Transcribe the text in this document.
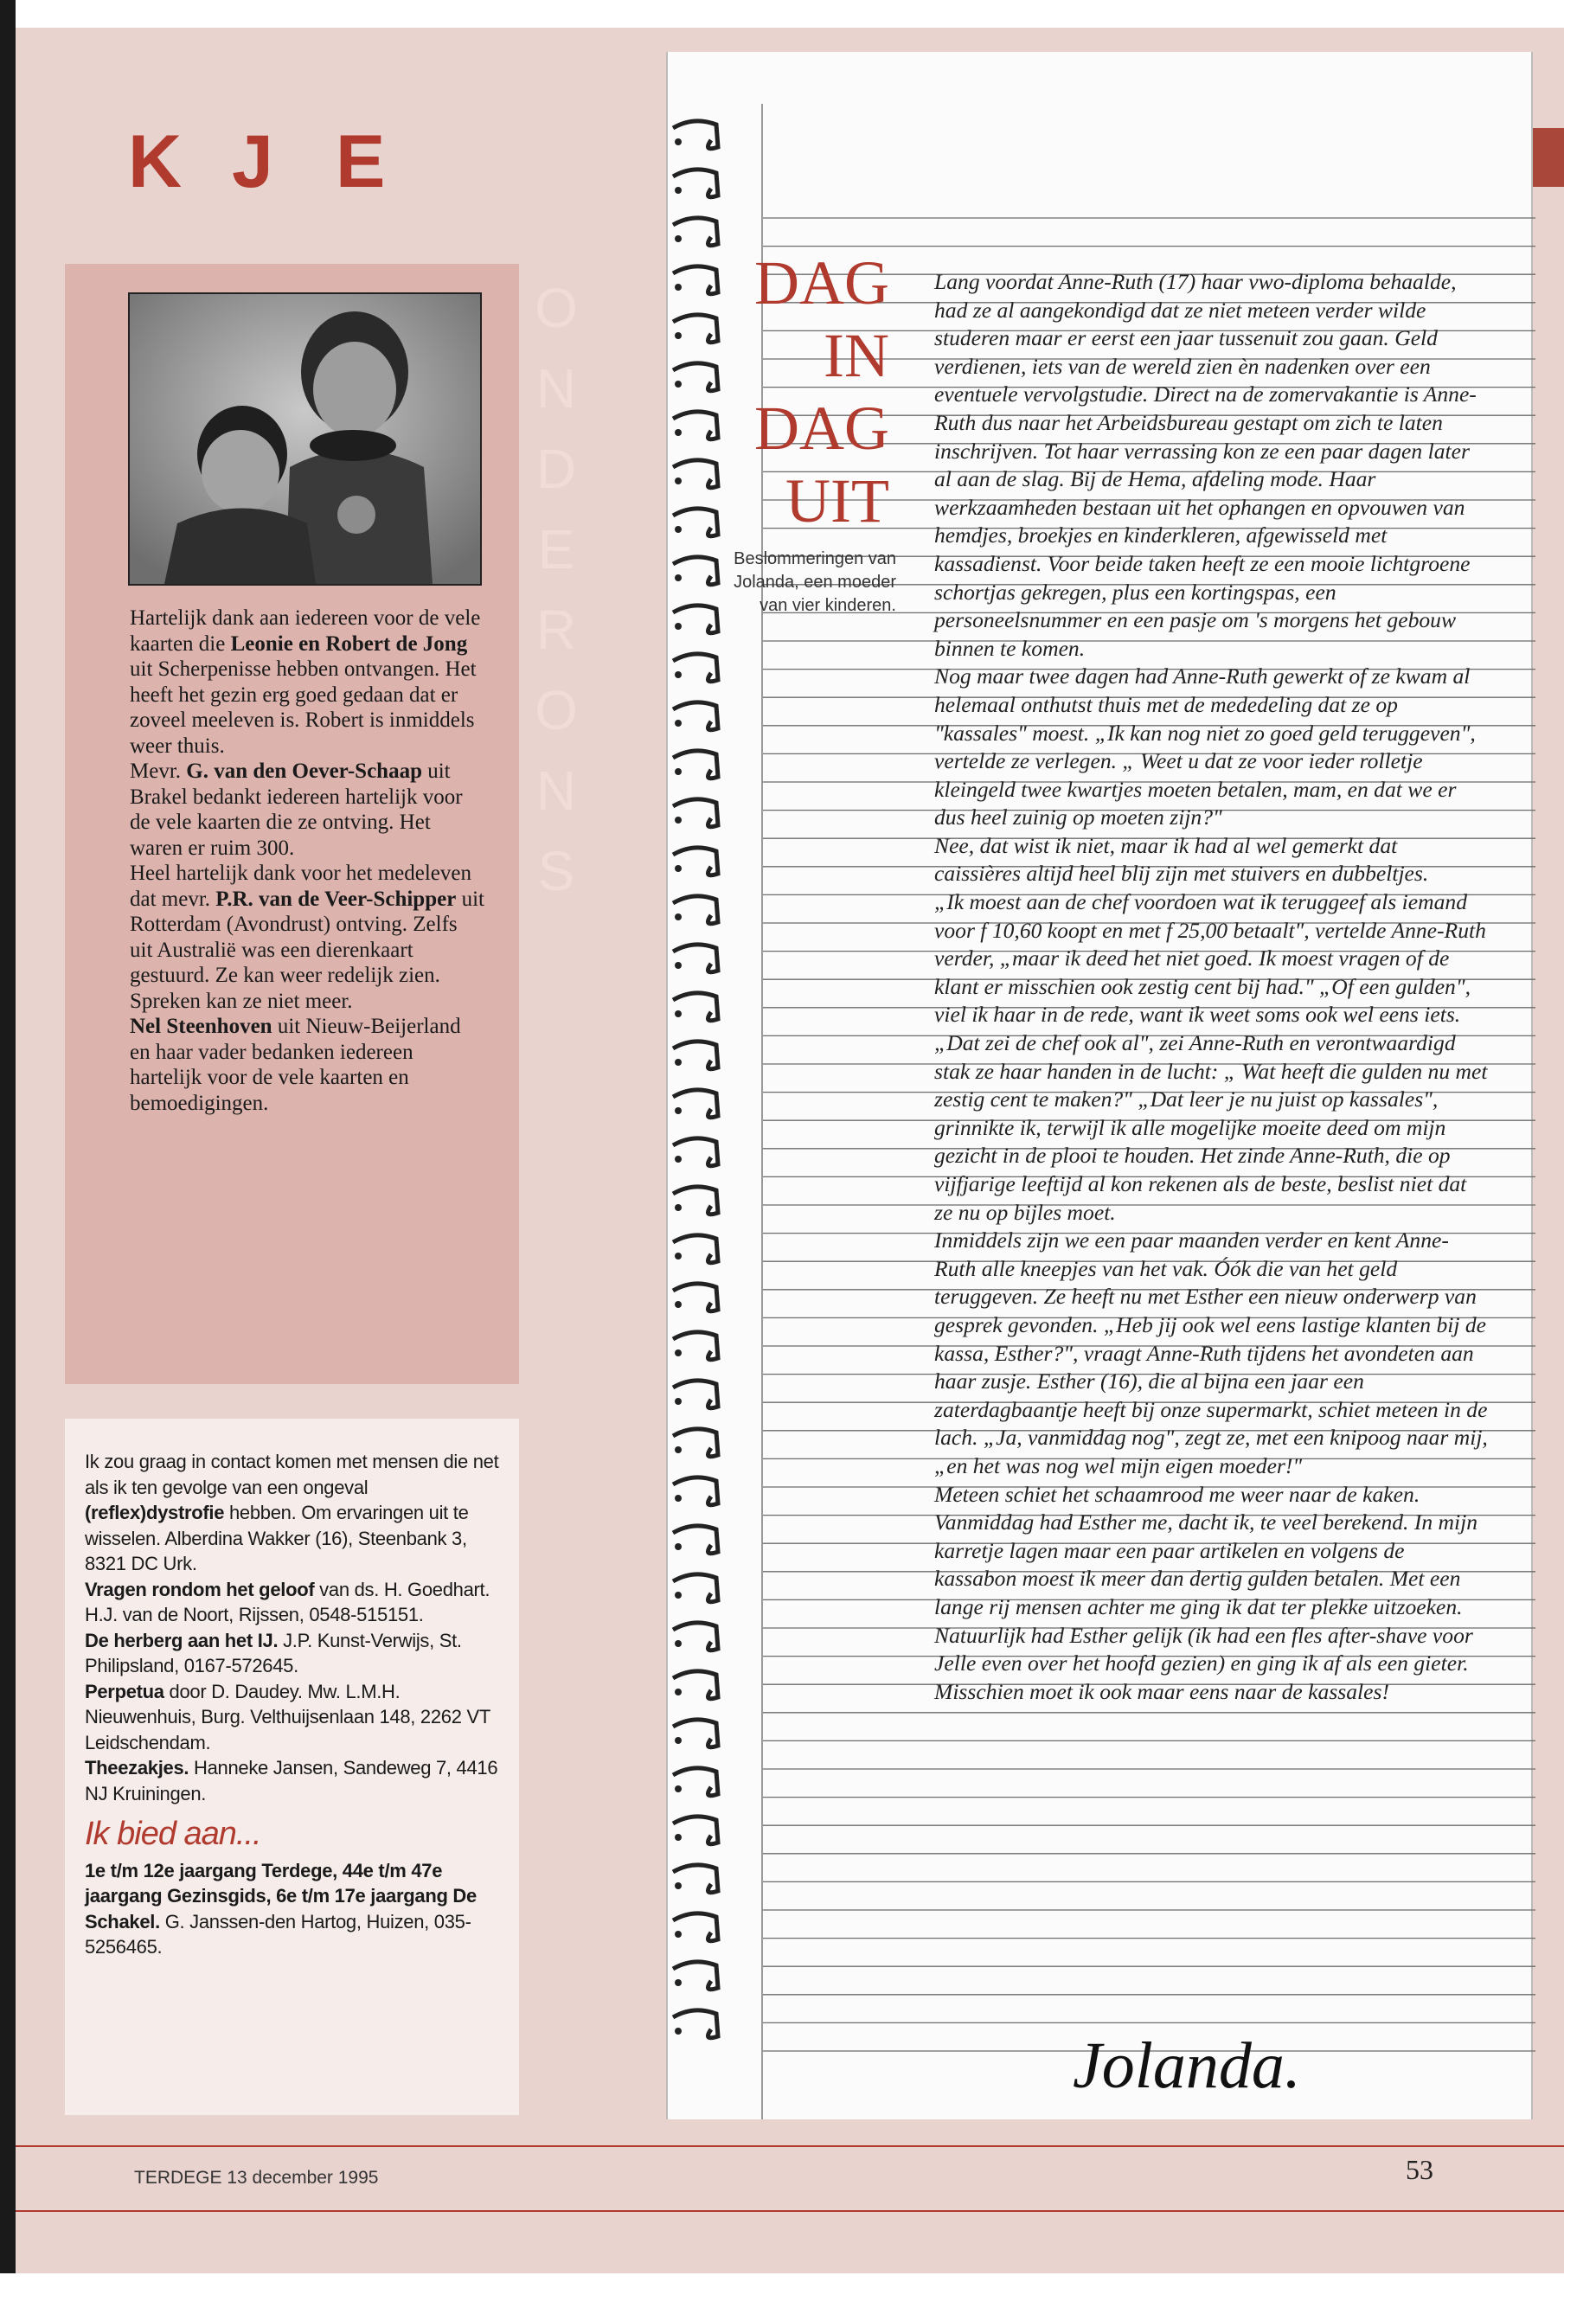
K J E
O
N
D
E
R
O
N
S
Hartelijk dank aan iedereen voor de vele kaarten die Leonie en Robert de Jong uit Scherpenisse hebben ontvangen. Het heeft het gezin erg goed gedaan dat er zoveel meeleven is. Robert is inmiddels weer thuis.
Mevr. G. van den Oever-Schaap uit Brakel bedankt iedereen hartelijk voor de vele kaarten die ze ontving. Het waren er ruim 300.
Heel hartelijk dank voor het medeleven dat mevr. P.R. van de Veer-Schipper uit Rotterdam (Avondrust) ontving. Zelfs uit Australië was een dierenkaart gestuurd. Ze kan weer redelijk zien. Spreken kan ze niet meer.
Nel Steenhoven uit Nieuw-Beijerland en haar vader bedanken iedereen hartelijk voor de vele kaarten en bemoedigingen.

Ik zou graag in contact komen met mensen die net als ik ten gevolge van een ongeval (reflex)dystrofie hebben. Om ervaringen uit te wisselen. Alberdina Wakker (16), Steenbank 3, 8321 DC Urk.

Vragen rondom het geloof van ds. H. Goedhart. H.J. van de Noort, Rijssen, 0548-515151.

De herberg aan het IJ. J.P. Kunst-Verwijs, St. Philipsland, 0167-572645.

Perpetua door D. Daudey. Mw. L.M.H. Nieuwenhuis, Burg. Velthuijsenlaan 148, 2262 VT Leidschendam.

Theezakjes. Hanneke Jansen, Sandeweg 7, 4416 NJ Kruiningen.

Ik bied aan...

1e t/m 12e jaargang Terdege, 44e t/m 47e jaargang Gezinsgids, 6e t/m 17e jaargang De Schakel. G. Janssen-den Hartog, Huizen, 035-5256465.

DAG
IN
DAG
UIT
Beslommeringen van Jolanda, een moeder van vier kinderen.

Lang voordat Anne-Ruth (17) haar vwo-diploma behaalde, had ze al aangekondigd dat ze niet meteen verder wilde studeren maar er eerst een jaar tussenuit zou gaan. Geld verdienen, iets van de wereld zien èn nadenken over een eventuele vervolgstudie. Direct na de zomervakantie is Anne-Ruth dus naar het Arbeidsbureau gestapt om zich te laten inschrijven. Tot haar verrassing kon ze een paar dagen later al aan de slag. Bij de Hema, afdeling mode. Haar werkzaamheden bestaan uit het ophangen en opvouwen van hemdjes, broekjes en kinderkleren, afgewisseld met kassadienst. Voor beide taken heeft ze een mooie lichtgroene schortjas gekregen, plus een kortingspas, een personeelsnummer en een pasje om 's morgens het gebouw binnen te komen.

Nog maar twee dagen had Anne-Ruth gewerkt of ze kwam al helemaal onthutst thuis met de mededeling dat ze op "kassales" moest. „Ik kan nog niet zo goed geld teruggeven", vertelde ze verlegen. „ Weet u dat ze voor ieder rolletje kleingeld twee kwartjes moeten betalen, mam, en dat we er dus heel zuinig op moeten zijn?"

Nee, dat wist ik niet, maar ik had al wel gemerkt dat caissières altijd heel blij zijn met stuivers en dubbeltjes.

„Ik moest aan de chef voordoen wat ik teruggeef als iemand voor f 10,60 koopt en met f 25,00 betaalt", vertelde Anne-Ruth verder, „maar ik deed het niet goed. Ik moest vragen of de klant er misschien ook zestig cent bij had." „Of een gulden", viel ik haar in de rede, want ik weet soms ook wel eens iets. „Dat zei de chef ook al", zei Anne-Ruth en verontwaardigd stak ze haar handen in de lucht: „ Wat heeft die gulden nu met zestig cent te maken?" „Dat leer je nu juist op kassales", grinnikte ik, terwijl ik alle mogelijke moeite deed om mijn gezicht in de plooi te houden. Het zinde Anne-Ruth, die op vijfjarige leeftijd al kon rekenen als de beste, beslist niet dat ze nu op bijles moet.

Inmiddels zijn we een paar maanden verder en kent Anne-Ruth alle kneepjes van het vak. Óók die van het geld teruggeven. Ze heeft nu met Esther een nieuw onderwerp van gesprek gevonden. „Heb jij ook wel eens lastige klanten bij de kassa, Esther?", vraagt Anne-Ruth tijdens het avondeten aan haar zusje. Esther (16), die al bijna een jaar een zaterdagbaantje heeft bij onze supermarkt, schiet meteen in de lach. „Ja, vanmiddag nog", zegt ze, met een knipoog naar mij, „en het was nog wel mijn eigen moeder!"

Meteen schiet het schaamrood me weer naar de kaken. Vanmiddag had Esther me, dacht ik, te veel berekend. In mijn karretje lagen maar een paar artikelen en volgens de kassabon moest ik meer dan dertig gulden betalen. Met een lange rij mensen achter me ging ik dat ter plekke uitzoeken. Natuurlijk had Esther gelijk (ik had een fles after-shave voor Jelle even over het hoofd gezien) en ging ik af als een gieter.

Misschien moet ik ook maar eens naar de kassales!

Jolanda.
TERDEGE 13 december 1995	53
